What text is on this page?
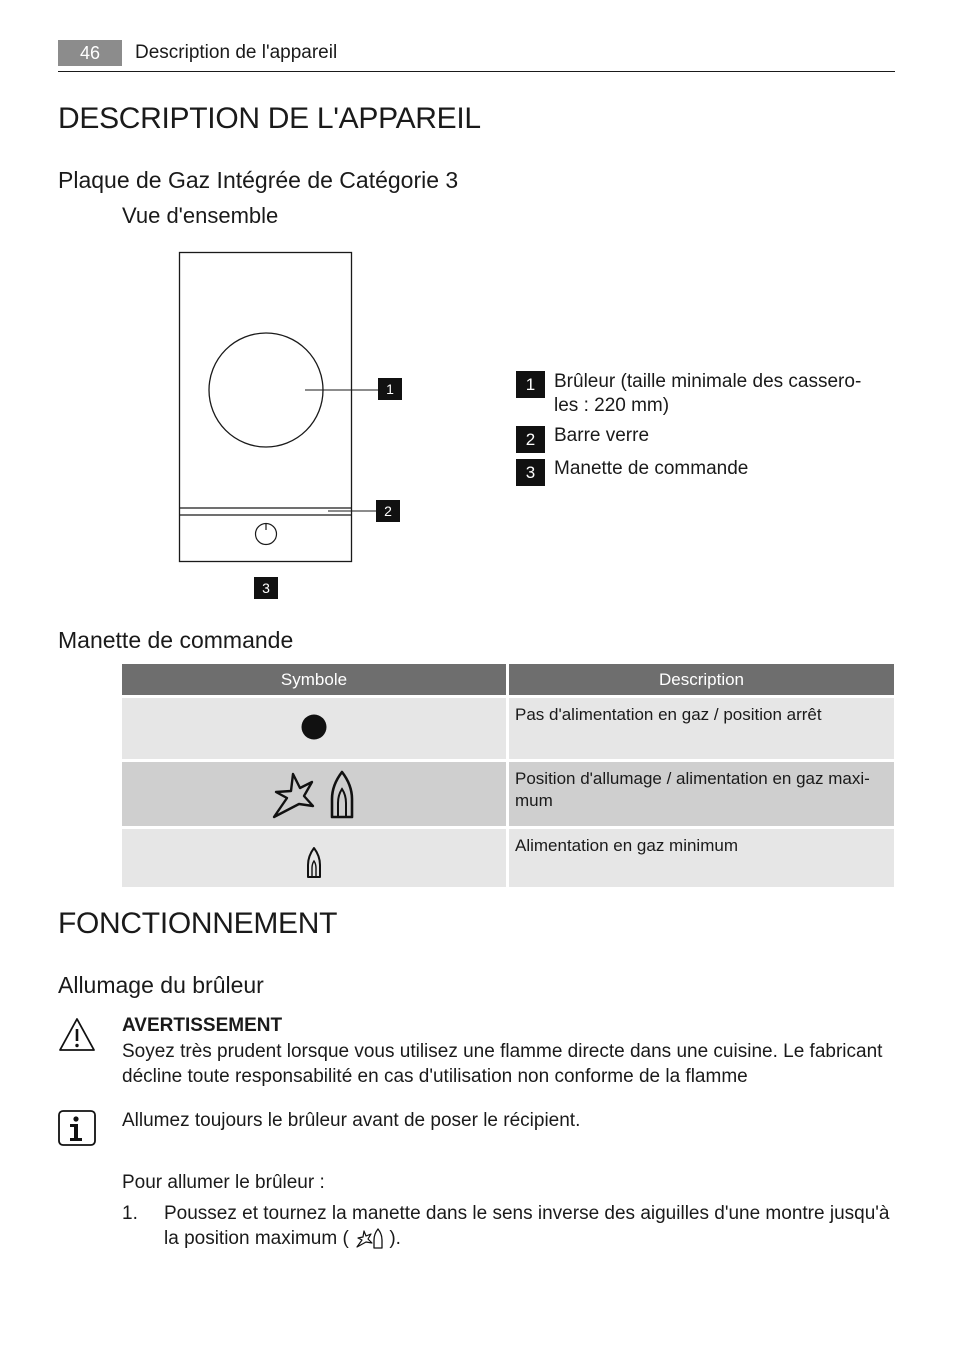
46	Description de l'appareil
DESCRIPTION DE L'APPAREIL
Plaque de Gaz Intégrée de Catégorie 3
Vue d'ensemble
1
2
3
1 Brûleur (taille minimale des cassero-
les : 220 mm)
2 Barre verre
3 Manette de commande
Manette de commande
Symbole	Description

Pas d'alimentation en gaz / position arrêt

Position d'allumage / alimentation en gaz maxi-
mum

Alimentation en gaz minimum
FONCTIONNEMENT
Allumage du brûleur
AVERTISSEMENT
Soyez très prudent lorsque vous utilisez une flamme directe dans une cuisine. Le fabricant
décline toute responsabilité en cas d'utilisation non conforme de la flamme
Allumez toujours le brûleur avant de poser le récipient.
Pour allumer le brûleur :
1. Poussez et tournez la manette dans le sens inverse des aiguilles d'une montre jusqu'à
la position maximum ( ).
